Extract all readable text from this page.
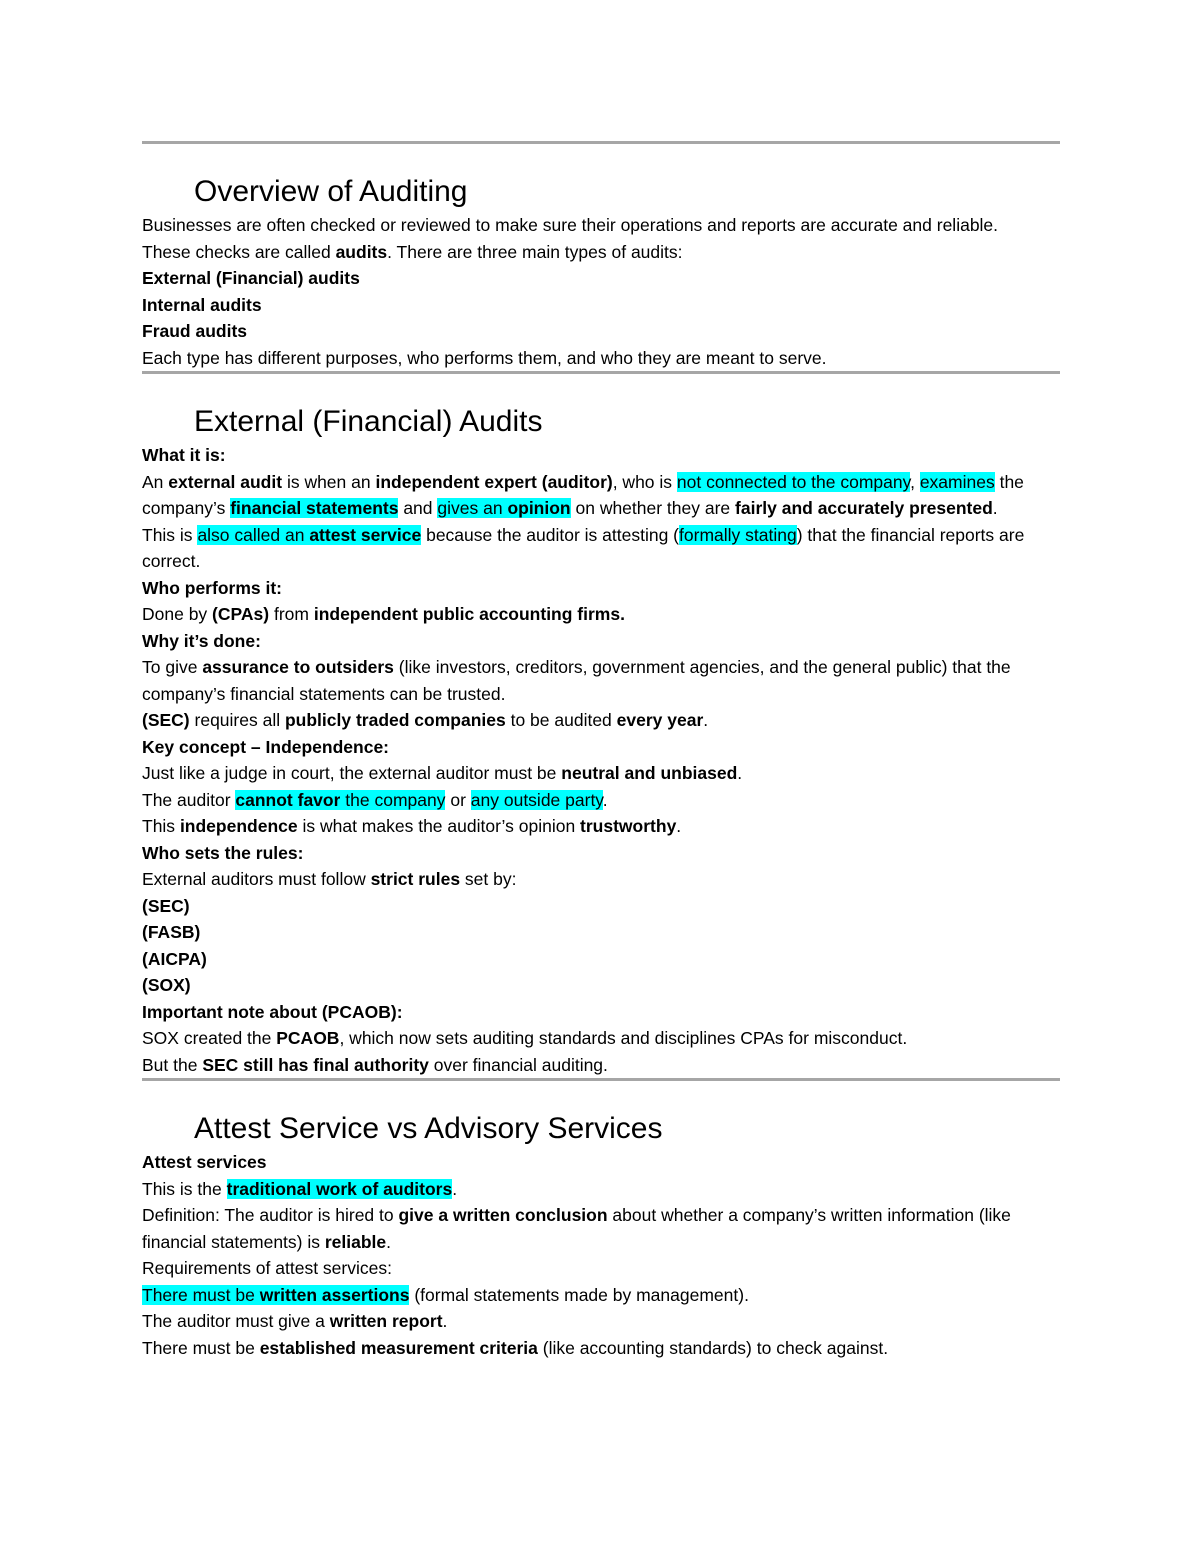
Overview of Auditing

Businesses are often checked or reviewed to make sure their operations and reports are accurate and reliable.

These checks are called audits. There are three main types of audits:

External (Financial) audits

Internal audits

Fraud audits

Each type has different purposes, who performs them, and who they are meant to serve.

External (Financial) Audits

What it is:

An external audit is when an independent expert (auditor), who is not connected to the company, examines the company’s financial statements and gives an opinion on whether they are fairly and accurately presented.

This is also called an attest service because the auditor is attesting (formally stating) that the financial reports are correct.

Who performs it:

Done by (CPAs) from independent public accounting firms.

Why it’s done:

To give assurance to outsiders (like investors, creditors, government agencies, and the general public) that the company’s financial statements can be trusted.

(SEC) requires all publicly traded companies to be audited every year.

Key concept – Independence:

Just like a judge in court, the external auditor must be neutral and unbiased.

The auditor cannot favor the company or any outside party.

This independence is what makes the auditor’s opinion trustworthy.

Who sets the rules:

External auditors must follow strict rules set by:

(SEC)

(FASB)

(AICPA)

(SOX)

Important note about (PCAOB):

SOX created the PCAOB, which now sets auditing standards and disciplines CPAs for misconduct.

But the SEC still has final authority over financial auditing.

Attest Service vs Advisory Services

Attest services

This is the traditional work of auditors.

Definition: The auditor is hired to give a written conclusion about whether a company’s written information (like financial statements) is reliable.

Requirements of attest services:

There must be written assertions (formal statements made by management).

The auditor must give a written report.

There must be established measurement criteria (like accounting standards) to check against.
